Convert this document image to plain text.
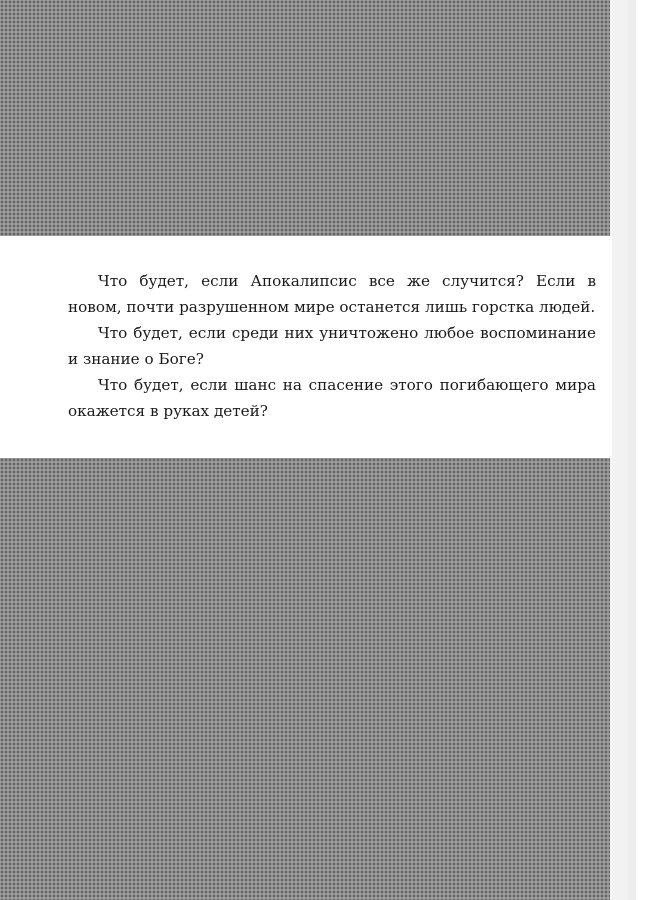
Что будет, если Апокалипсис все же случится? Если в новом, почти разрушенном мире останется лишь горстка людей.

Что будет, если среди них уничтожено любое воспоминание и знание о Боге?

Что будет, если шанс на спасение этого погибающего мира окажется в руках детей?
